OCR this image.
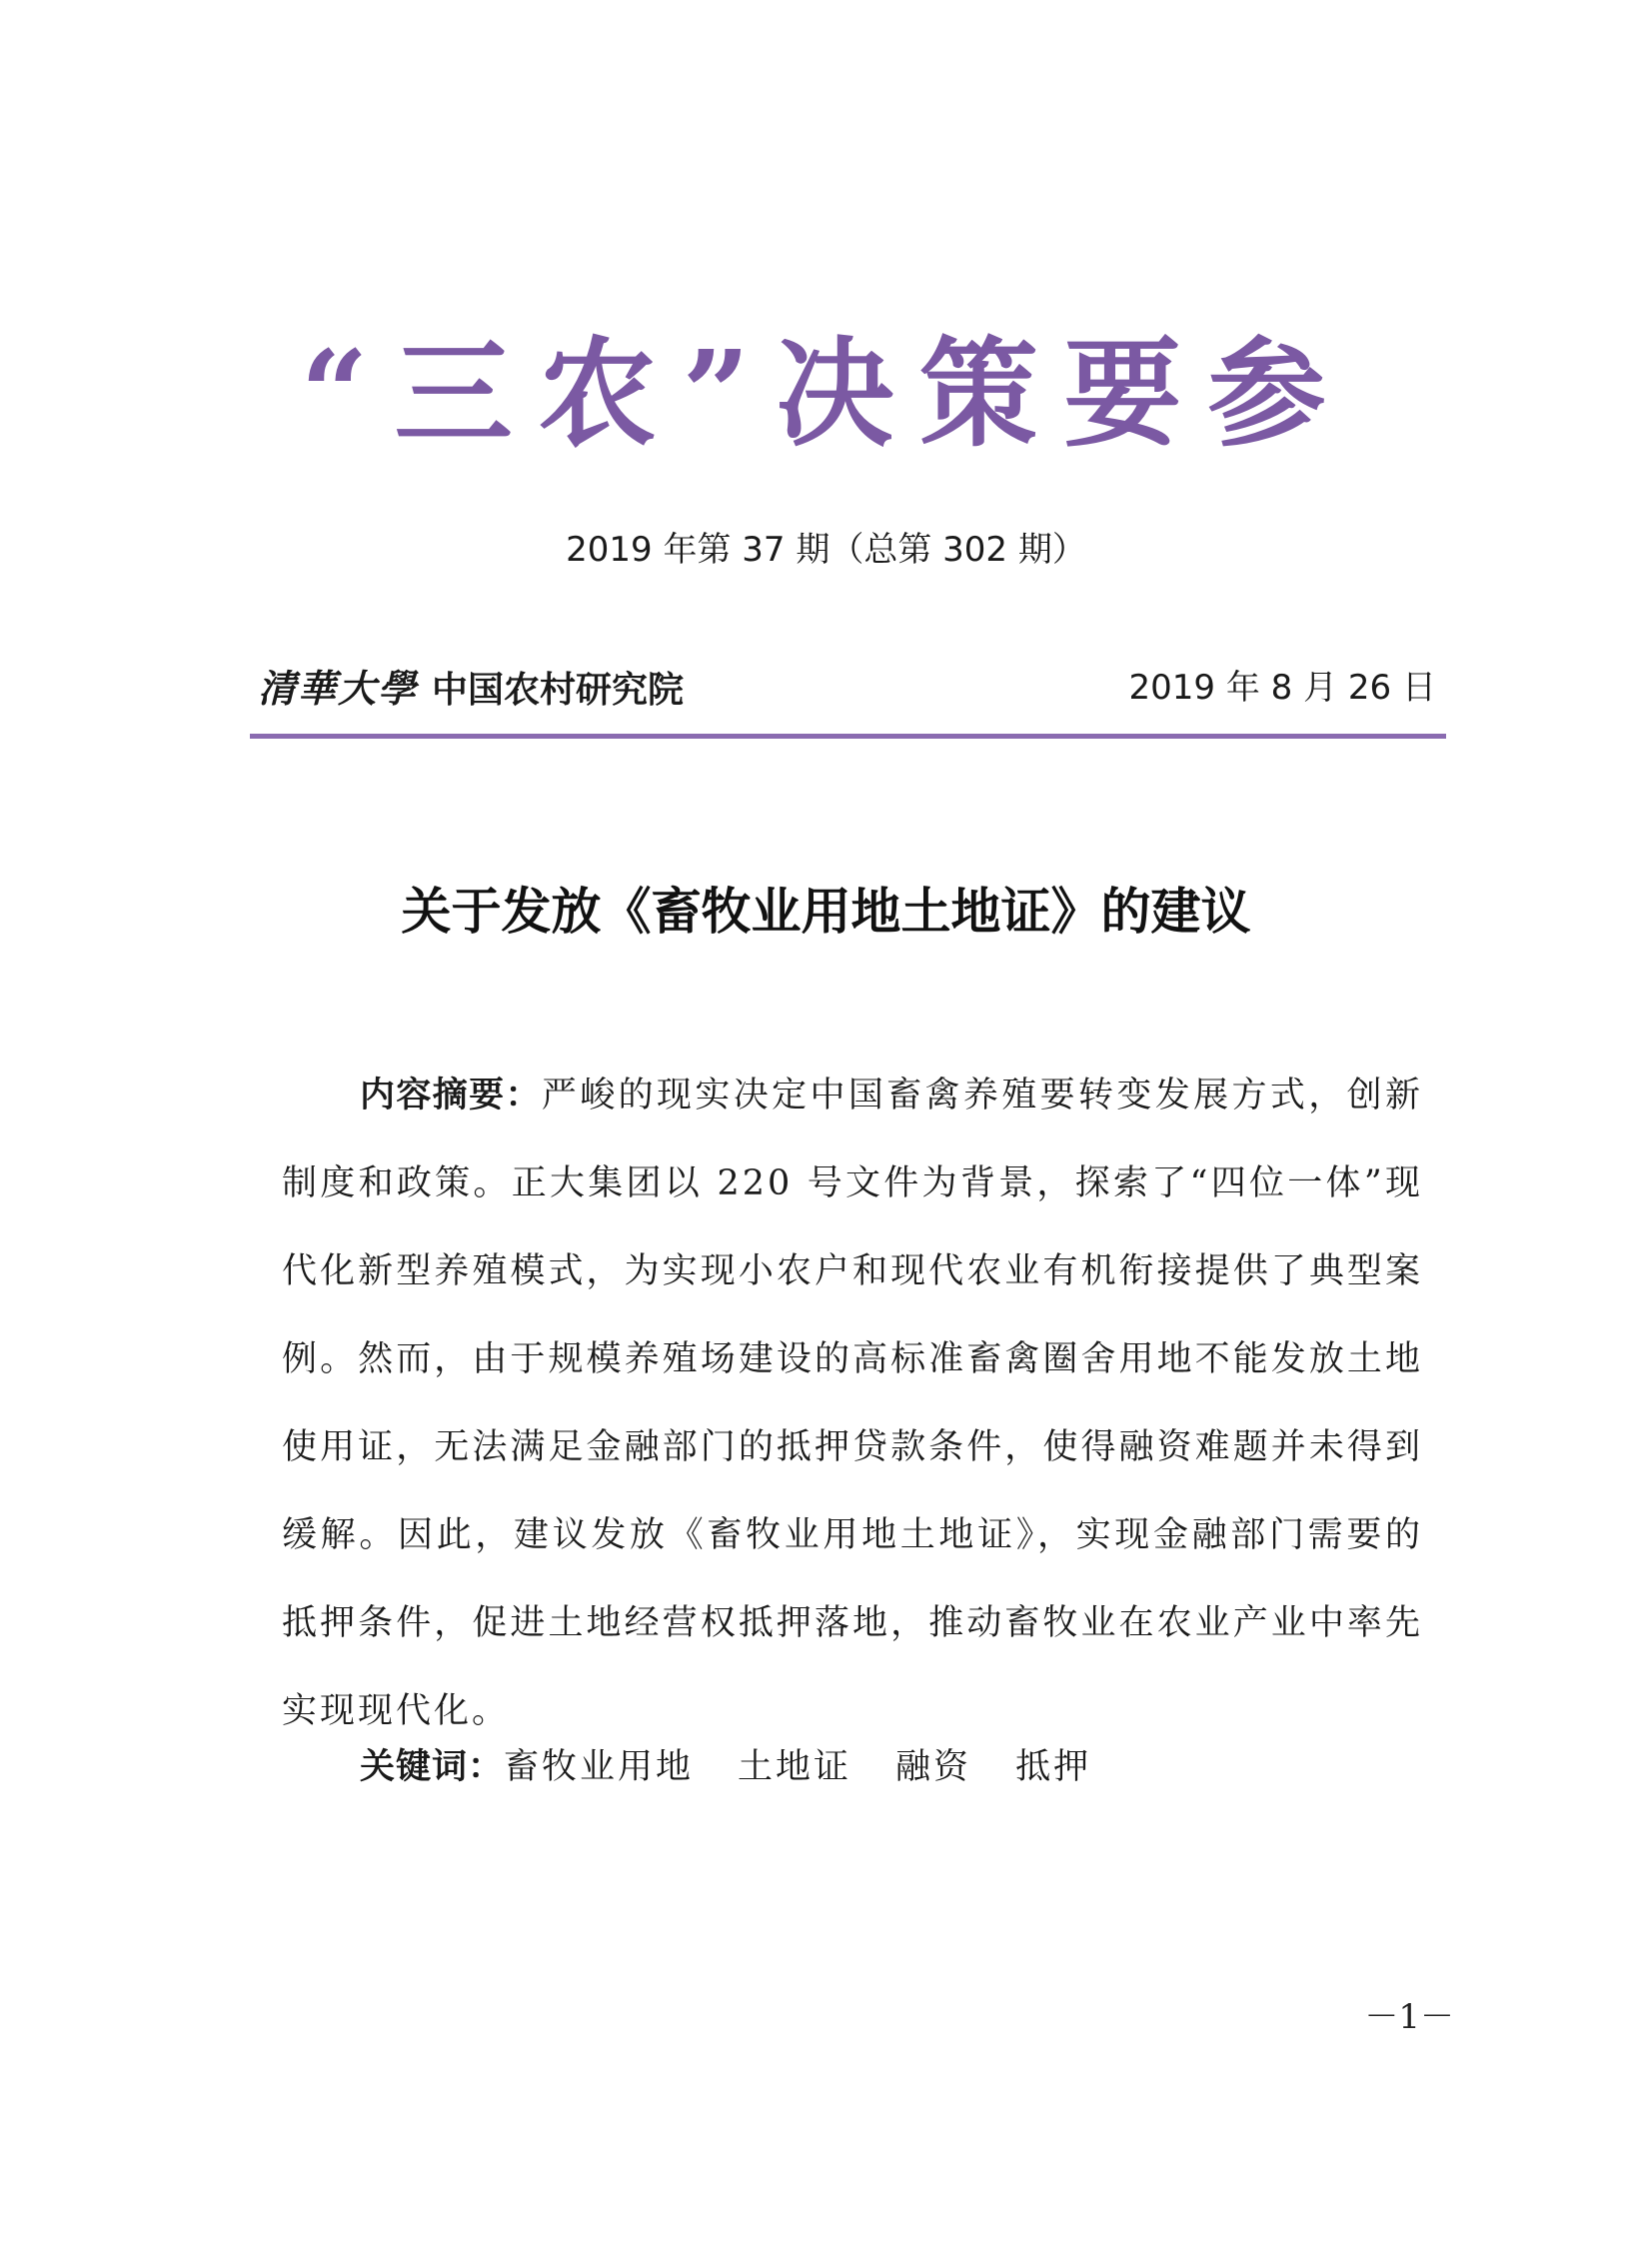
“三农”决策要参
2019 年第 37 期（总第 302 期）
清華大學 中国农村研究院	2019 年 8 月 26 日
关于发放《畜牧业用地土地证》的建议

内容摘要：严峻的现实决定中国畜禽养殖要转变发展方式，创新制度和政策。正大集团以 220 号文件为背景，探索了“四位一体”现代化新型养殖模式，为实现小农户和现代农业有机衔接提供了典型案例。然而，由于规模养殖场建设的高标准畜禽圈舍用地不能发放土地使用证，无法满足金融部门的抵押贷款条件，使得融资难题并未得到缓解。因此，建议发放《畜牧业用地土地证》，实现金融部门需要的抵押条件，促进土地经营权抵押落地，推动畜牧业在农业产业中率先实现现代化。

关键词：畜牧业用地 土地证 融资 抵押
－1－
